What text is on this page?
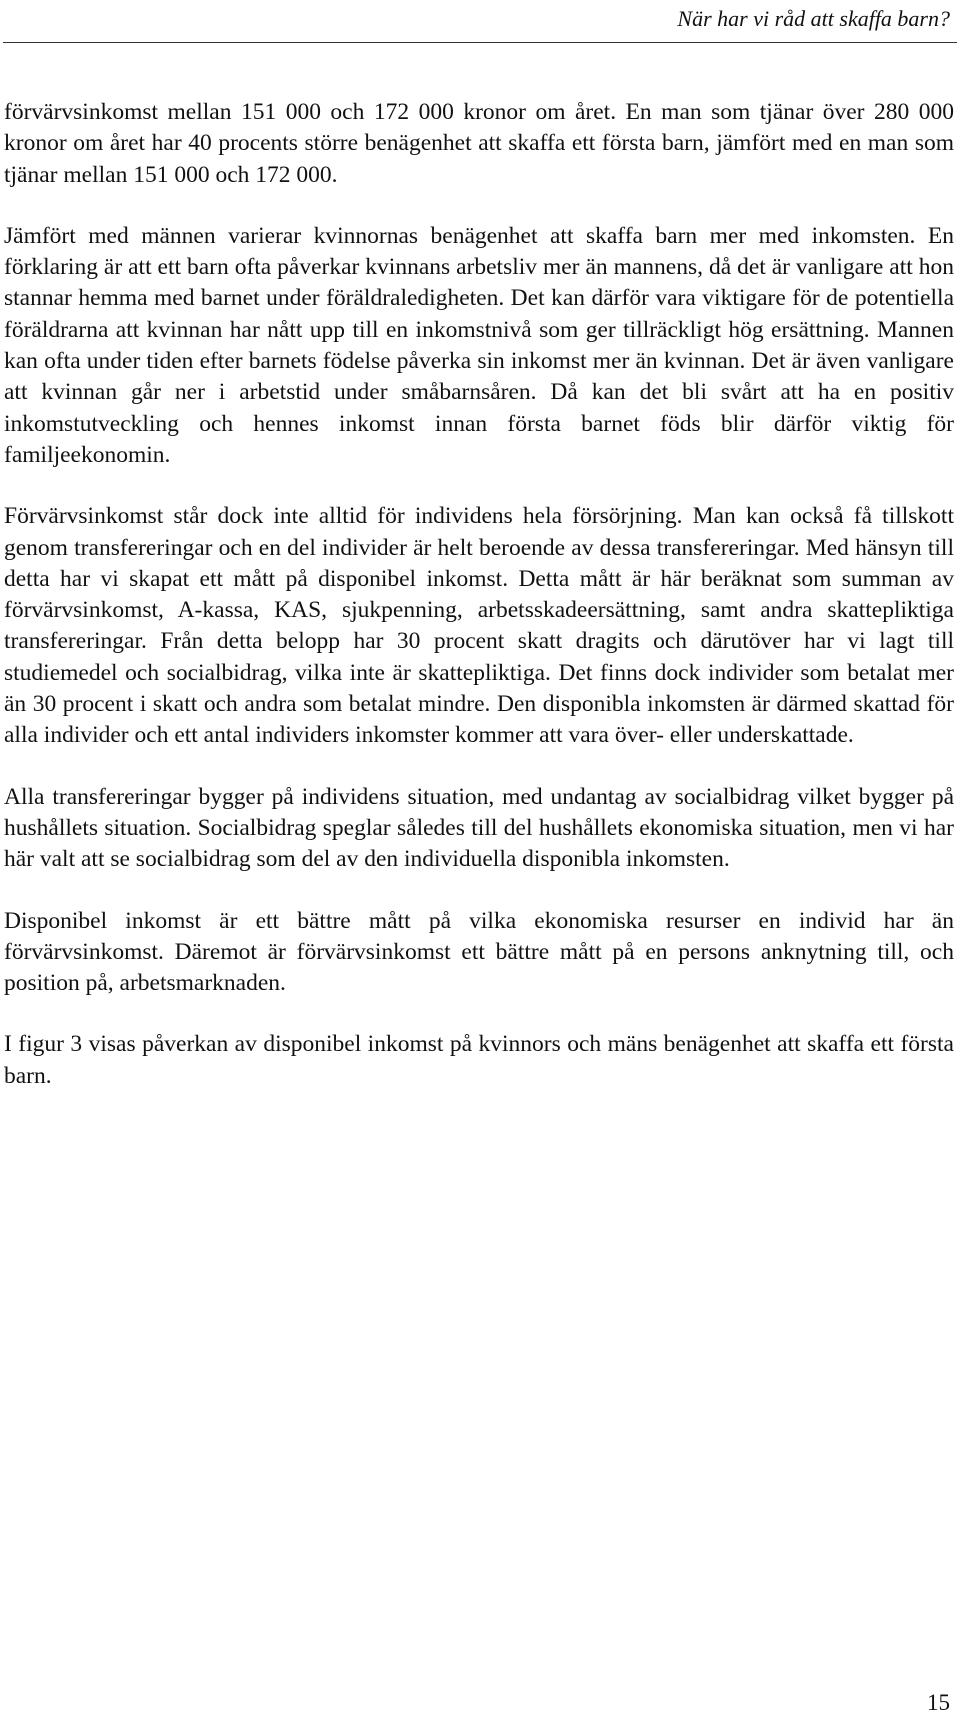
När har vi råd att skaffa barn?

förvärvsinkomst mellan 151 000 och 172 000 kronor om året. En man som tjänar över 280 000 kronor om året har 40 procents större benägenhet att skaffa ett första barn, jämfört med en man som tjänar mellan 151 000 och 172 000.

Jämfört med männen varierar kvinnornas benägenhet att skaffa barn mer med inkomsten. En förklaring är att ett barn ofta påverkar kvinnans arbetsliv mer än mannens, då det är vanligare att hon stannar hemma med barnet under föräldraledigheten. Det kan därför vara viktigare för de potentiella föräldrarna att kvinnan har nått upp till en inkomstnivå som ger tillräckligt hög ersättning. Mannen kan ofta under tiden efter barnets födelse påverka sin inkomst mer än kvinnan. Det är även vanligare att kvinnan går ner i arbetstid under småbarnsåren. Då kan det bli svårt att ha en positiv inkomstutveckling och hennes inkomst innan första barnet föds blir därför viktig för familjeekonomin.

Förvärvsinkomst står dock inte alltid för individens hela försörjning. Man kan också få tillskott genom transfereringar och en del individer är helt beroende av dessa transfereringar. Med hänsyn till detta har vi skapat ett mått på disponibel inkomst. Detta mått är här beräknat som summan av förvärvsinkomst, A-kassa, KAS, sjukpenning, arbetsskadeersättning, samt andra skattepliktiga transfereringar. Från detta belopp har 30 procent skatt dragits och därutöver har vi lagt till studiemedel och socialbidrag, vilka inte är skattepliktiga. Det finns dock individer som betalat mer än 30 procent i skatt och andra som betalat mindre. Den disponibla inkomsten är därmed skattad för alla individer och ett antal individers inkomster kommer att vara över- eller underskattade.

Alla transfereringar bygger på individens situation, med undantag av socialbidrag vilket bygger på hushållets situation. Socialbidrag speglar således till del hushållets ekonomiska situation, men vi har här valt att se socialbidrag som del av den individuella disponibla inkomsten.

Disponibel inkomst är ett bättre mått på vilka ekonomiska resurser en individ har än förvärvsinkomst. Däremot är förvärvsinkomst ett bättre mått på en persons anknytning till, och position på, arbetsmarknaden.

I figur 3 visas påverkan av disponibel inkomst på kvinnors och mäns benägenhet att skaffa ett första barn.

15
